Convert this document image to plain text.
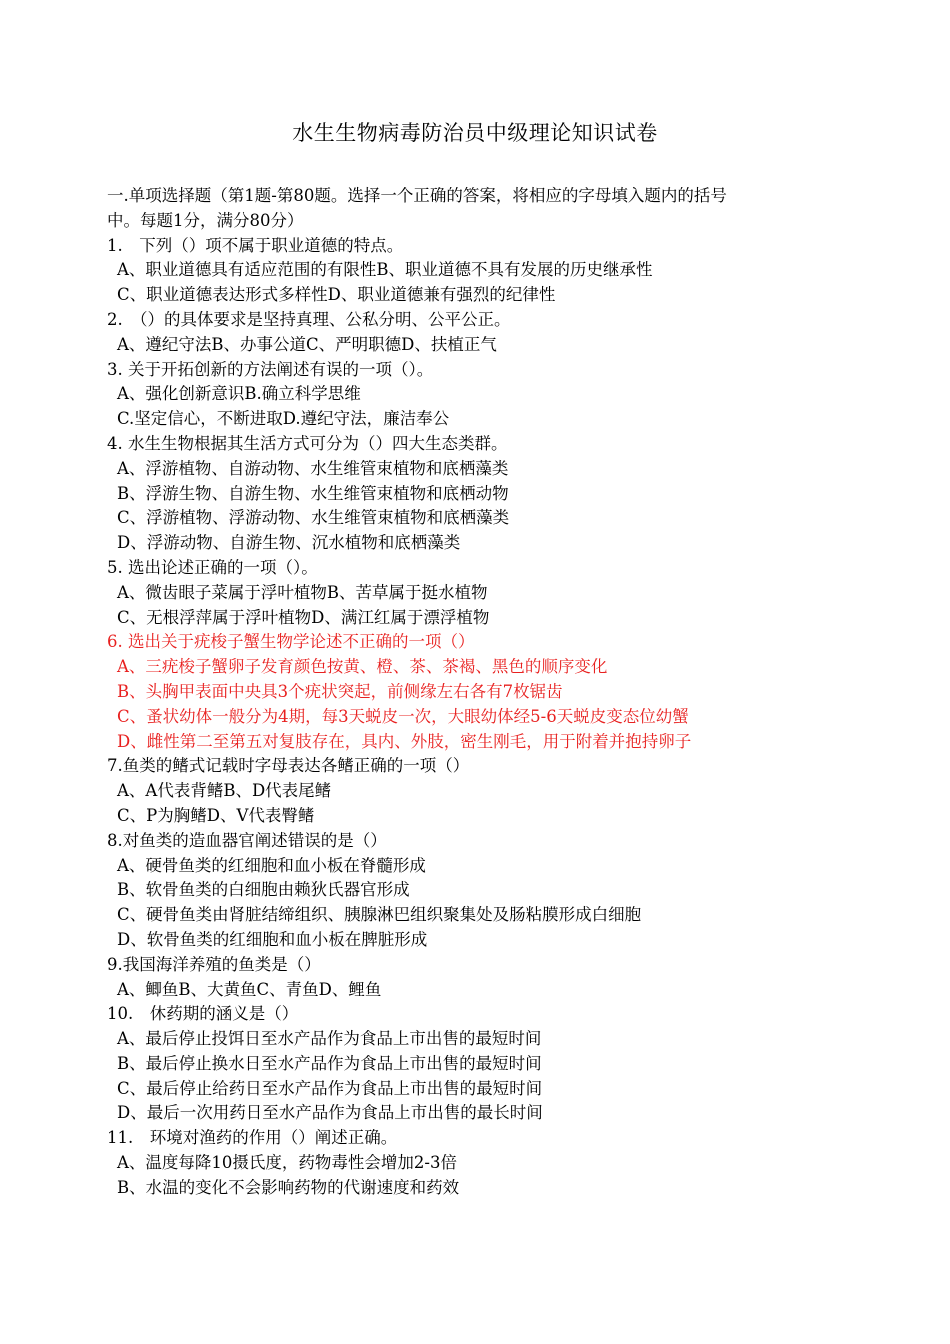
水生生物病毒防治员中级理论知识试卷
一.单项选择题（第1题-第80题。选择一个正确的答案，将相应的字母填入题内的括号
中。每题1分，满分80分）
1.　下列（）项不属于职业道德的特点。
A、职业道德具有适应范围的有限性B、职业道德不具有发展的历史继承性
C、职业道德表达形式多样性D、职业道德兼有强烈的纪律性
2.　（）的具体要求是坚持真理、公私分明、公平公正。
A、遵纪守法B、办事公道C、严明职德D、扶植正气
3. 关于开拓创新的方法阐述有误的一项（）。
A、强化创新意识B.确立科学思维
C.坚定信心，不断进取D.遵纪守法，廉洁奉公
4. 水生生物根据其生活方式可分为（）四大生态类群。
A、浮游植物、自游动物、水生维管束植物和底栖藻类
B、浮游生物、自游生物、水生维管束植物和底栖动物
C、浮游植物、浮游动物、水生维管束植物和底栖藻类
D、浮游动物、自游生物、沉水植物和底栖藻类
5. 选出论述正确的一项（）。
A、微齿眼子菜属于浮叶植物B、苦草属于挺水植物
C、无根浮萍属于浮叶植物D、满江红属于漂浮植物
6. 选出关于疣梭子蟹生物学论述不正确的一项（）
A、三疣梭子蟹卵子发育颜色按黄、橙、茶、茶褐、黑色的顺序变化
B、头胸甲表面中央具3个疣状突起，前侧缘左右各有7枚锯齿
C、蚤状幼体一般分为4期，每3天蜕皮一次，大眼幼体经5-6天蜕皮变态位幼蟹
D、雌性第二至第五对复肢存在，具内、外肢，密生刚毛，用于附着并抱持卵子
7.鱼类的鳍式记载时字母表达各鳍正确的一项（）
A、A代表背鳍B、D代表尾鳍
C、P为胸鳍D、V代表臀鳍
8.对鱼类的造血器官阐述错误的是（）
A、硬骨鱼类的红细胞和血小板在脊髓形成
B、软骨鱼类的白细胞由赖狄氏器官形成
C、硬骨鱼类由肾脏结缔组织、胰腺淋巴组织聚集处及肠粘膜形成白细胞
D、软骨鱼类的红细胞和血小板在脾脏形成
9.我国海洋养殖的鱼类是（）
A、鲫鱼B、大黄鱼C、青鱼D、鲤鱼
10.　休药期的涵义是（）
A、最后停止投饵日至水产品作为食品上市出售的最短时间
B、最后停止换水日至水产品作为食品上市出售的最短时间
C、最后停止给药日至水产品作为食品上市出售的最短时间
D、最后一次用药日至水产品作为食品上市出售的最长时间
11.　环境对渔药的作用（）阐述正确。
A、温度每降10摄氏度，药物毒性会增加2-3倍
B、水温的变化不会影响药物的代谢速度和药效
